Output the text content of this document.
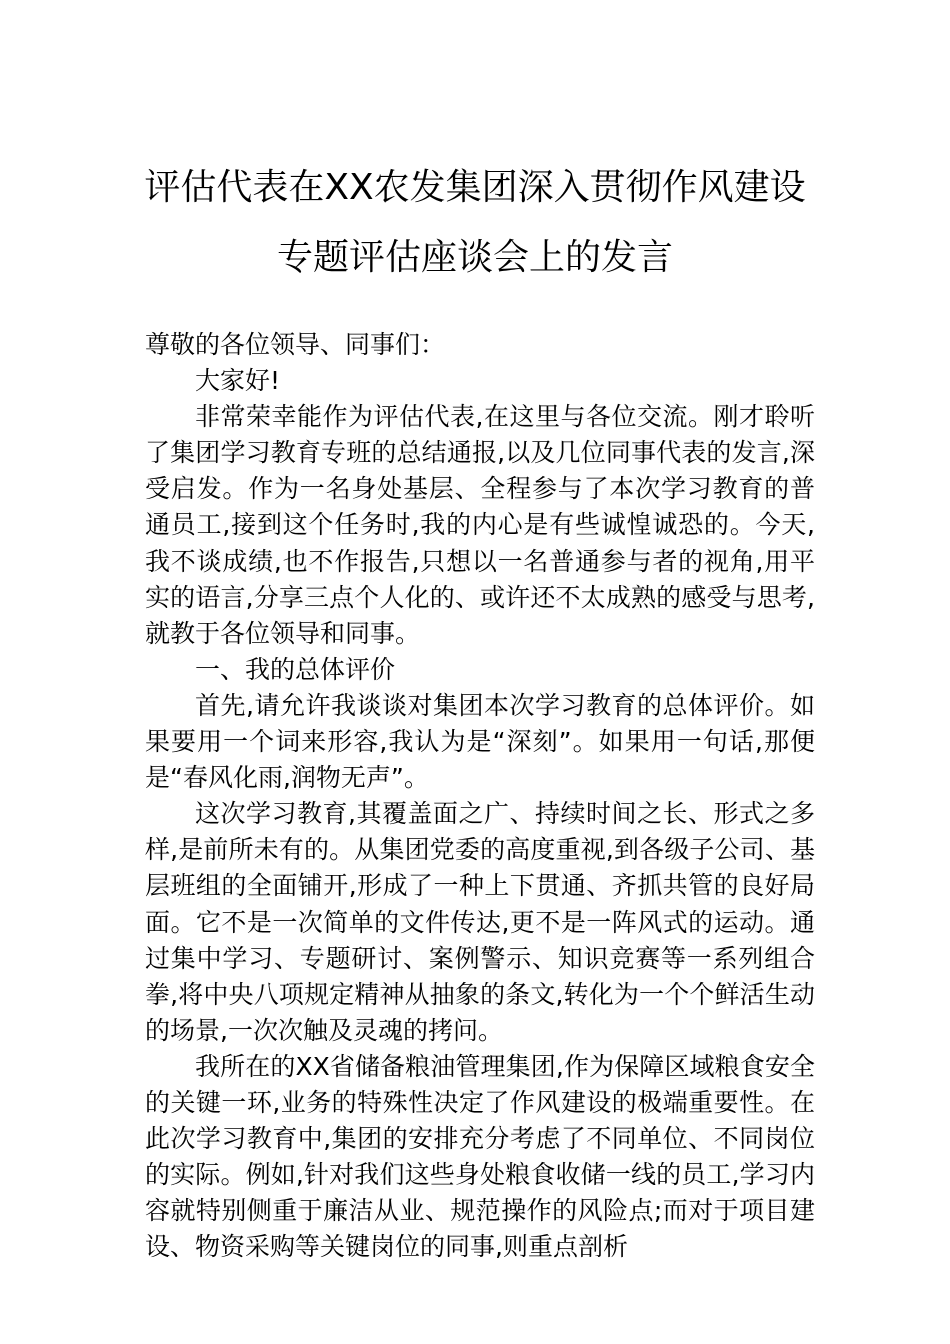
评估代表在XX农发集团深入贯彻作风建设
专题评估座谈会上的发言

尊敬的各位领导、同事们：

大家好!

非常荣幸能作为评估代表,在这里与各位交流。刚才聆听了集团学习教育专班的总结通报,以及几位同事代表的发言,深受启发。作为一名身处基层、全程参与了本次学习教育的普通员工,接到这个任务时,我的内心是有些诚惶诚恐的。今天,我不谈成绩,也不作报告,只想以一名普通参与者的视角,用平实的语言,分享三点个人化的、或许还不太成熟的感受与思考,就教于各位领导和同事。

一、我的总体评价

首先,请允许我谈谈对集团本次学习教育的总体评价。如果要用一个词来形容,我认为是“深刻”。如果用一句话,那便是“春风化雨,润物无声”。

这次学习教育,其覆盖面之广、持续时间之长、形式之多样,是前所未有的。从集团党委的高度重视,到各级子公司、基层班组的全面铺开,形成了一种上下贯通、齐抓共管的良好局面。它不是一次简单的文件传达,更不是一阵风式的运动。通过集中学习、专题研讨、案例警示、知识竞赛等一系列组合拳,将中央八项规定精神从抽象的条文,转化为一个个鲜活生动的场景,一次次触及灵魂的拷问。

我所在的XX省储备粮油管理集团,作为保障区域粮食安全的关键一环,业务的特殊性决定了作风建设的极端重要性。在此次学习教育中,集团的安排充分考虑了不同单位、不同岗位的实际。例如,针对我们这些身处粮食收储一线的员工,学习内容就特别侧重于廉洁从业、规范操作的风险点;而对于项目建设、物资采购等关键岗位的同事,则重点剖析
